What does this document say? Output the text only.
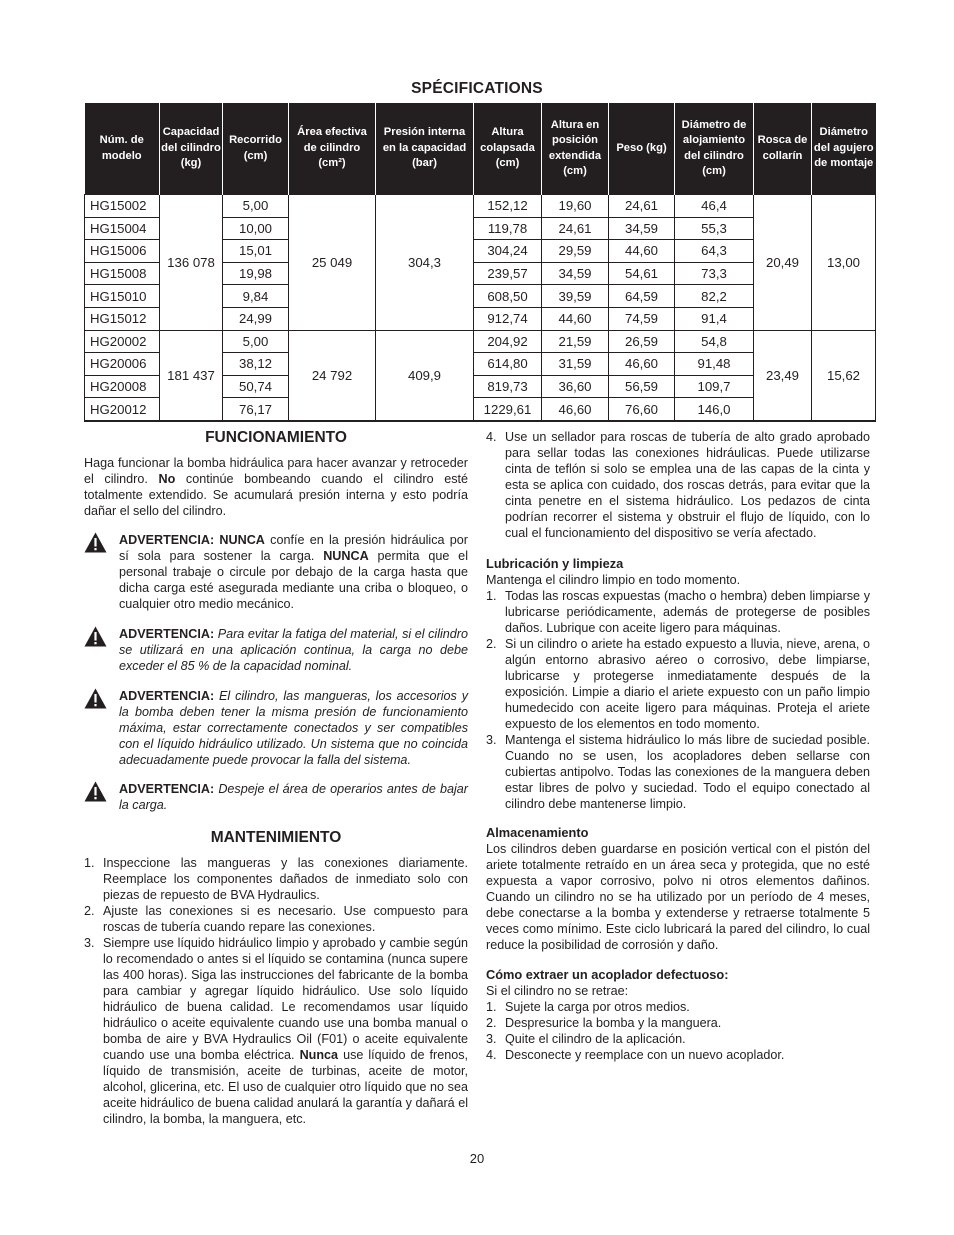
SPÉCIFICATIONS
Núm. de modelo	Capacidad del cilindro (kg)	Recorrido (cm)	Área efectiva de cilindro (cm²)	Presión interna en la capacidad (bar)	Altura colapsada (cm)	Altura en posición extendida (cm)	Peso (kg)	Diámetro de alojamiento del cilindro (cm)	Rosca de collarín	Diámetro del agujero de montaje
HG15002	136 078	5,00	25 049	304,3	152,12	19,60	24,61	46,4	20,49	13,00
HG15004		10,00			119,78	24,61	34,59	55,3		
HG15006		15,01			304,24	29,59	44,60	64,3		
HG15008		19,98			239,57	34,59	54,61	73,3		
HG15010		9,84			608,50	39,59	64,59	82,2		
HG15012		24,99			912,74	44,60	74,59	91,4		
HG20002	181 437	5,00	24 792	409,9	204,92	21,59	26,59	54,8	23,49	15,62
HG20006		38,12			614,80	31,59	46,60	91,48		
HG20008		50,74			819,73	36,60	56,59	109,7		
HG20012		76,17			1229,61	46,60	76,60	146,0		
FUNCIONAMIENTO

Haga funcionar la bomba hidráulica para hacer avanzar y retroceder el cilindro. No continúe bombeando cuando el cilindro esté totalmente extendido. Se acumulará presión interna y esto podría dañar el sello del cilindro.

ADVERTENCIA: NUNCA confíe en la presión hidráulica por sí sola para sostener la carga. NUNCA permita que el personal trabaje o circule por debajo de la carga hasta que dicha carga esté asegurada mediante una criba o bloqueo, o cualquier otro medio mecánico.
ADVERTENCIA: Para evitar la fatiga del material, si el cilindro se utilizará en una aplicación continua, la carga no debe exceder el 85 % de la capacidad nominal.
ADVERTENCIA: El cilindro, las mangueras, los accesorios y la bomba deben tener la misma presión de funcionamiento máxima, estar correctamente conectados y ser compatibles con el líquido hidráulico utilizado. Un sistema que no coincida adecuadamente puede provocar la falla del sistema.
ADVERTENCIA: Despeje el área de operarios antes de bajar la carga.
MANTENIMIENTO
1. Inspeccione las mangueras y las conexiones diariamente. Reemplace los componentes dañados de inmediato solo con piezas de repuesto de BVA Hydraulics.
2. Ajuste las conexiones si es necesario. Use compuesto para roscas de tubería cuando repare las conexiones.
3. Siempre use líquido hidráulico limpio y aprobado y cambie según lo recomendado o antes si el líquido se contamina (nunca supere las 400 horas). Siga las instrucciones del fabricante de la bomba para cambiar y agregar líquido hidráulico. Use solo líquido hidráulico de buena calidad. Le recomendamos usar líquido hidráulico o aceite equivalente cuando use una bomba manual o bomba de aire y BVA Hydraulics Oil (F01) o aceite equivalente cuando use una bomba eléctrica. Nunca use líquido de frenos, líquido de transmisión, aceite de turbinas, aceite de motor, alcohol, glicerina, etc. El uso de cualquier otro líquido que no sea aceite hidráulico de buena calidad anulará la garantía y dañará el cilindro, la bomba, la manguera, etc.
4. Use un sellador para roscas de tubería de alto grado aprobado para sellar todas las conexiones hidráulicas. Puede utilizarse cinta de teflón si solo se emplea una de las capas de la cinta y esta se aplica con cuidado, dos roscas detrás, para evitar que la cinta penetre en el sistema hidráulico. Los pedazos de cinta podrían recorrer el sistema y obstruir el flujo de líquido, con lo cual el funcionamiento del dispositivo se vería afectado.
Lubricación y limpieza

Mantenga el cilindro limpio en todo momento.

1. Todas las roscas expuestas (macho o hembra) deben limpiarse y lubricarse periódicamente, además de protegerse de posibles daños. Lubrique con aceite ligero para máquinas.
2. Si un cilindro o ariete ha estado expuesto a lluvia, nieve, arena, o algún entorno abrasivo aéreo o corrosivo, debe limpiarse, lubricarse y protegerse inmediatamente después de la exposición. Limpie a diario el ariete expuesto con un paño limpio humedecido con aceite ligero para máquinas. Proteja el ariete expuesto de los elementos en todo momento.
3. Mantenga el sistema hidráulico lo más libre de suciedad posible. Cuando no se usen, los acopladores deben sellarse con cubiertas antipolvo. Todas las conexiones de la manguera deben estar libres de polvo y suciedad. Todo el equipo conectado al cilindro debe mantenerse limpio.
Almacenamiento

Los cilindros deben guardarse en posición vertical con el pistón del ariete totalmente retraído en un área seca y protegida, que no esté expuesta a vapor corrosivo, polvo ni otros elementos dañinos. Cuando un cilindro no se ha utilizado por un período de 4 meses, debe conectarse a la bomba y extenderse y retraerse totalmente 5 veces como mínimo. Este ciclo lubricará la pared del cilindro, lo cual reduce la posibilidad de corrosión y daño.

Cómo extraer un acoplador defectuoso:

Si el cilindro no se retrae:

1. Sujete la carga por otros medios.
2. Despresurice la bomba y la manguera.
3. Quite el cilindro de la aplicación.
4. Desconecte y reemplace con un nuevo acoplador.
20
